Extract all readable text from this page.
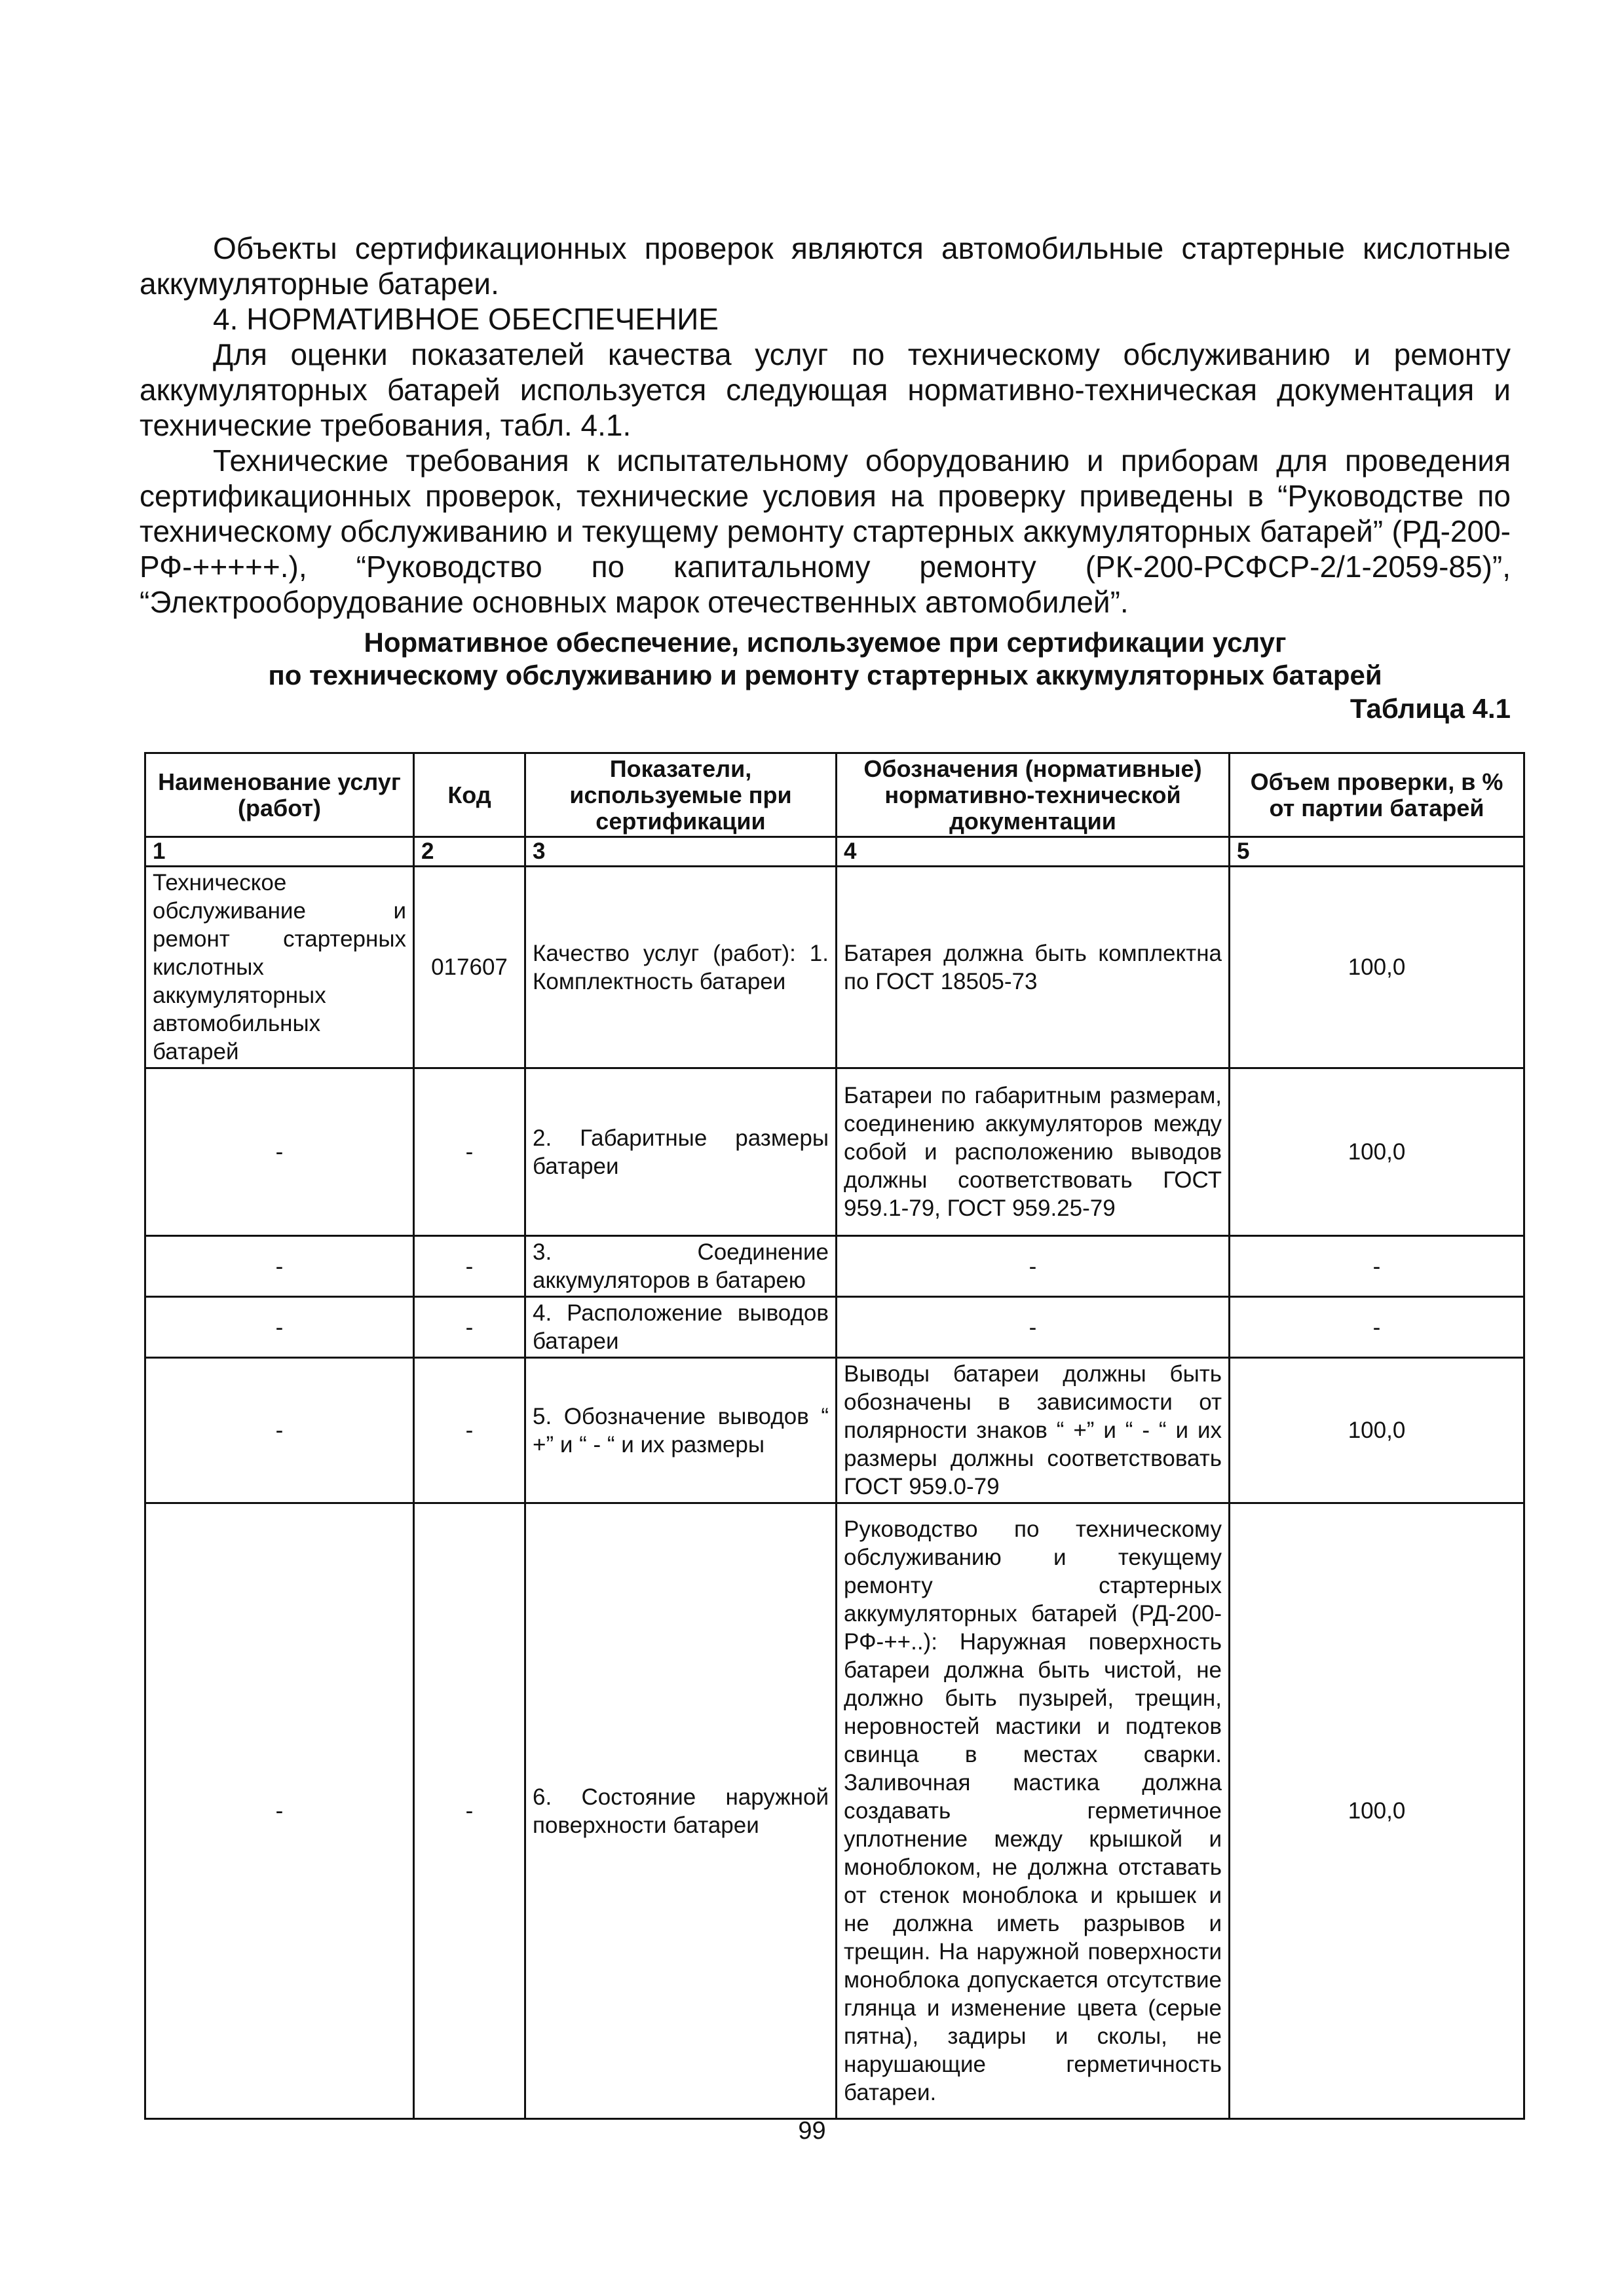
Объекты сертификационных проверок являются автомобильные стартерные кислотные аккумуляторные батареи.

4. НОРМАТИВНОЕ ОБЕСПЕЧЕНИЕ

Для оценки показателей качества услуг по техническому обслуживанию и ремонту аккумуляторных батарей используется следующая нормативно-техническая документация и технические требования, табл. 4.1.

Технические требования к испытательному оборудованию и приборам для проведения сертификационных проверок, технические условия на проверку приведены в “Руководстве по техническому обслуживанию и текущему ремонту стартерных аккумуляторных батарей” (РД-200-РФ-+++++.), “Руководство по капитальному ремонту (РК-200-РСФСР-2/1-2059-85)”, “Электрооборудование основных марок отечественных автомобилей”.

Нормативное обеспечение, используемое при сертификации услуг
по техническому обслуживанию и ремонту стартерных аккумуляторных батарей
Таблица 4.1
Наименование услуг (работ)	Код	Показатели, используемые при сертификации	Обозначения (нормативные) нормативно-технической документации	Объем проверки, в % от партии батарей
1	2	3	4	5
Техническое обслуживание и ремонт стартерных кислотных аккумуляторных автомобильных батарей	017607	Качество услуг (работ): 1. Комплектность батареи	Батарея должна быть комплектна по ГОСТ 18505-73	100,0
-	-	2. Габаритные размеры батареи	Батареи по габаритным размерам, соединению аккумуляторов между собой и расположению выводов должны соответствовать ГОСТ 959.1-79, ГОСТ 959.25-79	100,0
-	-	3. Соединение аккумуляторов в батарею	-	-
-	-	4. Расположение выводов батареи	-	-
-	-	5. Обозначение выводов “ +” и “ - “ и их размеры	Выводы батареи должны быть обозначены в зависимости от полярности знаков “ +” и “ - “ и их размеры должны соответствовать ГОСТ 959.0-79	100,0
-	-	6. Состояние наружной поверхности батареи	Руководство по техническому обслуживанию и текущему ремонту стартерных аккумуляторных батарей (РД-200-РФ-++..): Наружная поверхность батареи должна быть чистой, не должно быть пузырей, трещин, неровностей мастики и подтеков свинца в местах сварки. Заливочная мастика должна создавать герметичное уплотнение между крышкой и моноблоком, не должна отставать от стенок моноблока и крышек и не должна иметь разрывов и трещин. На наружной поверхности моноблока допускается отсутствие глянца и изменение цвета (серые пятна), задиры и сколы, не нарушающие герметичность батареи.	100,0
99
